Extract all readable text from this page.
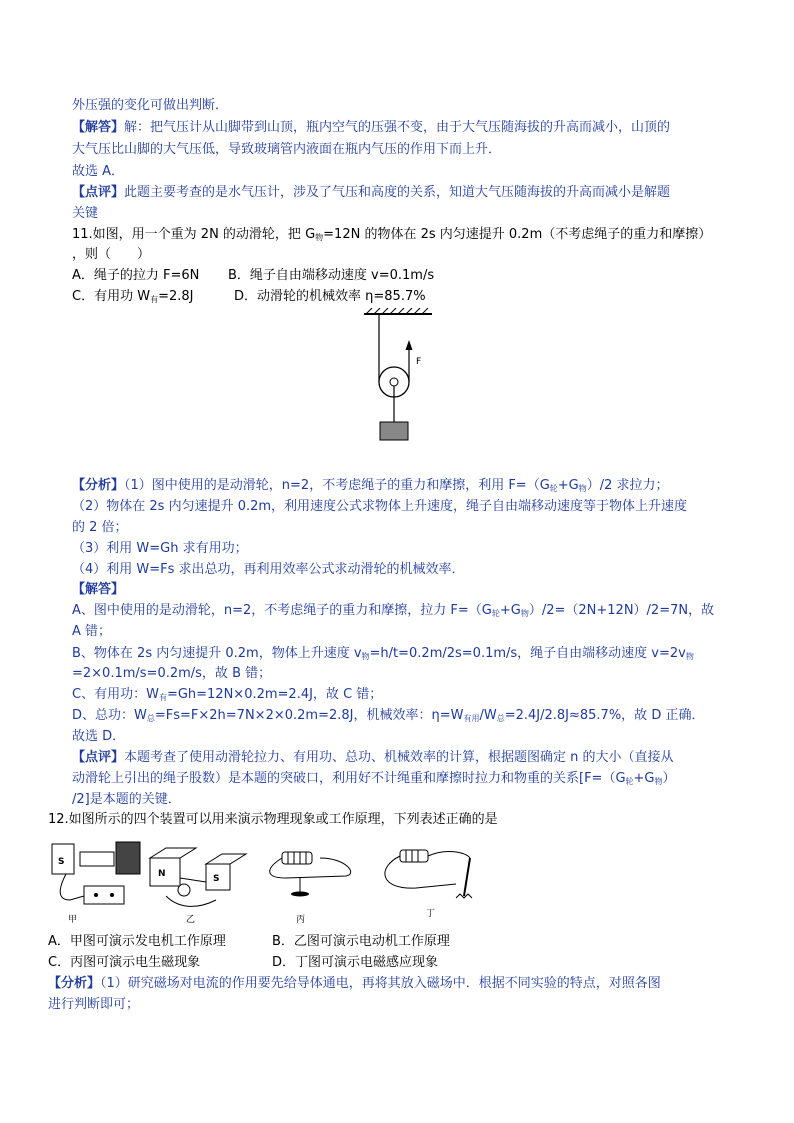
外压强的变化可做出判断．
【解答】解：把气压计从山脚带到山顶，瓶内空气的压强不变，由于大气压随海拔的升高而减小，山顶的
大气压比山脚的大气压低，导致玻璃管内液面在瓶内气压的作用下而上升．
故选 A．
【点评】此题主要考查的是水气压计，涉及了气压和高度的关系，知道大气压随海拔的升高而减小是解题
关键
11.如图，用一个重为 2N 的动滑轮，把 $G_物=12N$ 的物体在 2s 内匀速提升 0.2m（不考虑绳子的重力和摩擦）
，则（　　）
A．绳子的拉力 F=6N B．绳子自由端移动速度 v=0.1m/s
C．有用功 $W_有=2.8J$	D．动滑轮的机械效率 η=85.7%
F
【分析】（1）图中使用的是动滑轮，n=2，不考虑绳子的重力和摩擦，利用 $F=(G_轮+G_物)/2$ 求拉力；
（2）物体在 2s 内匀速提升 0.2m，利用速度公式求物体上升速度，绳子自由端移动速度等于物体上升速度
的 2 倍；
（3）利用 W=Gh 求有用功；
（4）利用 W=Fs 求出总功，再利用效率公式求动滑轮的机械效率．
【解答】
A、图中使用的是动滑轮，n=2，不考虑绳子的重力和摩擦，拉力 $F=(G_轮+G_物)/2=(2N+12N)/2=7N$，故
A 错；
B、物体在 2s 内匀速提升 0.2m，物体上升速度 $v_物=h/t=0.2m/2s=0.1m/s$，绳子自由端移动速度 $v=2v_物$
=2×0.1m/s=0.2m/s，故 B 错；
C、有用功：$W_有=Gh=12N\times 0.2m=2.4J$，故 C 错；
D、总功：$W_总=Fs=F\times 2h=7N\times 2\times 0.2m=2.8J$，机械效率：$\eta=W_{有用}/W_总=2.4J/2.8J\approx 85.7\%$，故 D 正确．
故选 D．
【点评】本题考查了使用动滑轮拉力、有用功、总功、机械效率的计算，根据题图确定 n 的大小（直接从
动滑轮上引出的绳子股数）是本题的突破口，利用好不计绳重和摩擦时拉力和物重的关系[$F=(G_轮+G_物)$
/2]是本题的关键．
12.如图所示的四个装置可以用来演示物理现象或工作原理，下列表述正确的是
S
甲
N	S
乙	丙
丁
A．甲图可演示发电机工作原理	B．乙图可演示电动机工作原理
C．丙图可演示电生磁现象	D．丁图可演示电磁感应现象
【分析】（1）研究磁场对电流的作用要先给导体通电，再将其放入磁场中．根据不同实验的特点，对照各图
进行判断即可；
